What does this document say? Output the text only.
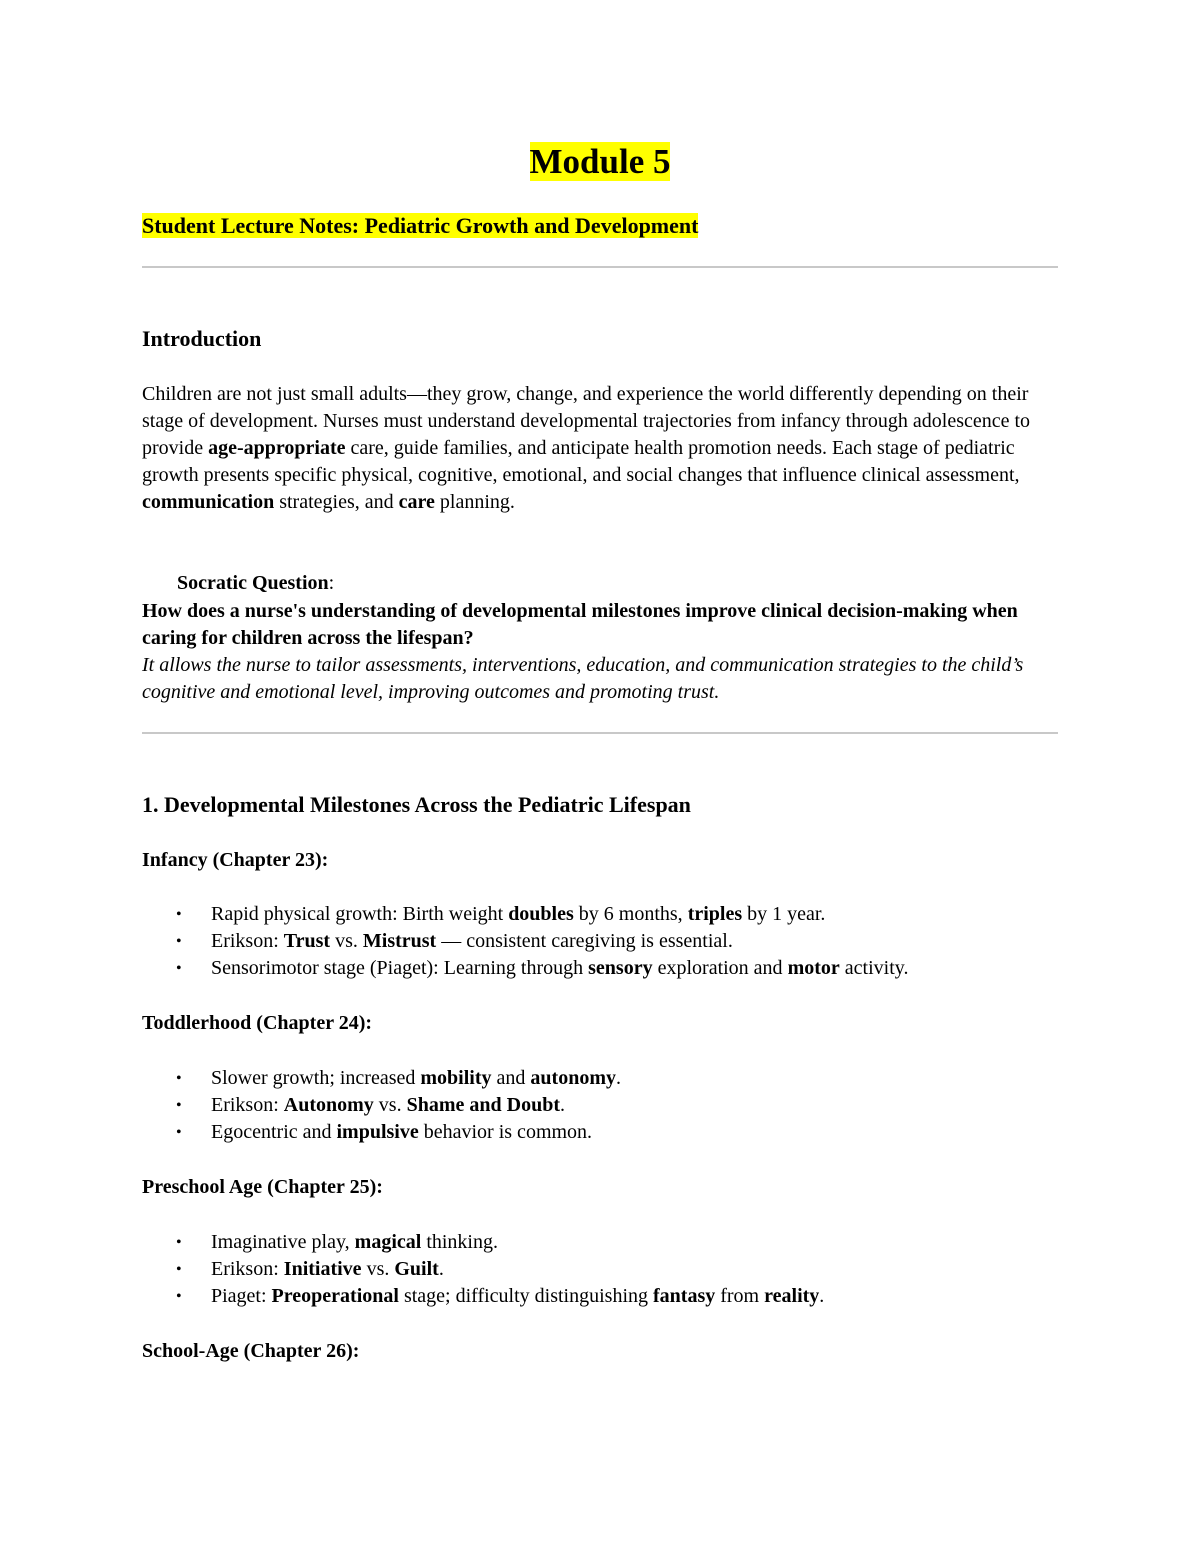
Module 5
Student Lecture Notes: Pediatric Growth and Development
Introduction

Children are not just small adults—they grow, change, and experience the world differently depending on their stage of development. Nurses must understand developmental trajectories from infancy through adolescence to provide age-appropriate care, guide families, and anticipate health promotion needs. Each stage of pediatric growth presents specific physical, cognitive, emotional, and social changes that influence clinical assessment, communication strategies, and care planning.

Socratic Question:

How does a nurse's understanding of developmental milestones improve clinical decision-making when caring for children across the lifespan?

It allows the nurse to tailor assessments, interventions, education, and communication strategies to the child’s cognitive and emotional level, improving outcomes and promoting trust.

1. Developmental Milestones Across the Pediatric Lifespan

Infancy (Chapter 23):

• Rapid physical growth: Birth weight doubles by 6 months, triples by 1 year.
• Erikson: Trust vs. Mistrust — consistent caregiving is essential.
• Sensorimotor stage (Piaget): Learning through sensory exploration and motor activity.

Toddlerhood (Chapter 24):

• Slower growth; increased mobility and autonomy.
• Erikson: Autonomy vs. Shame and Doubt.
• Egocentric and impulsive behavior is common.

Preschool Age (Chapter 25):

• Imaginative play, magical thinking.
• Erikson: Initiative vs. Guilt.
• Piaget: Preoperational stage; difficulty distinguishing fantasy from reality.

School-Age (Chapter 26):
